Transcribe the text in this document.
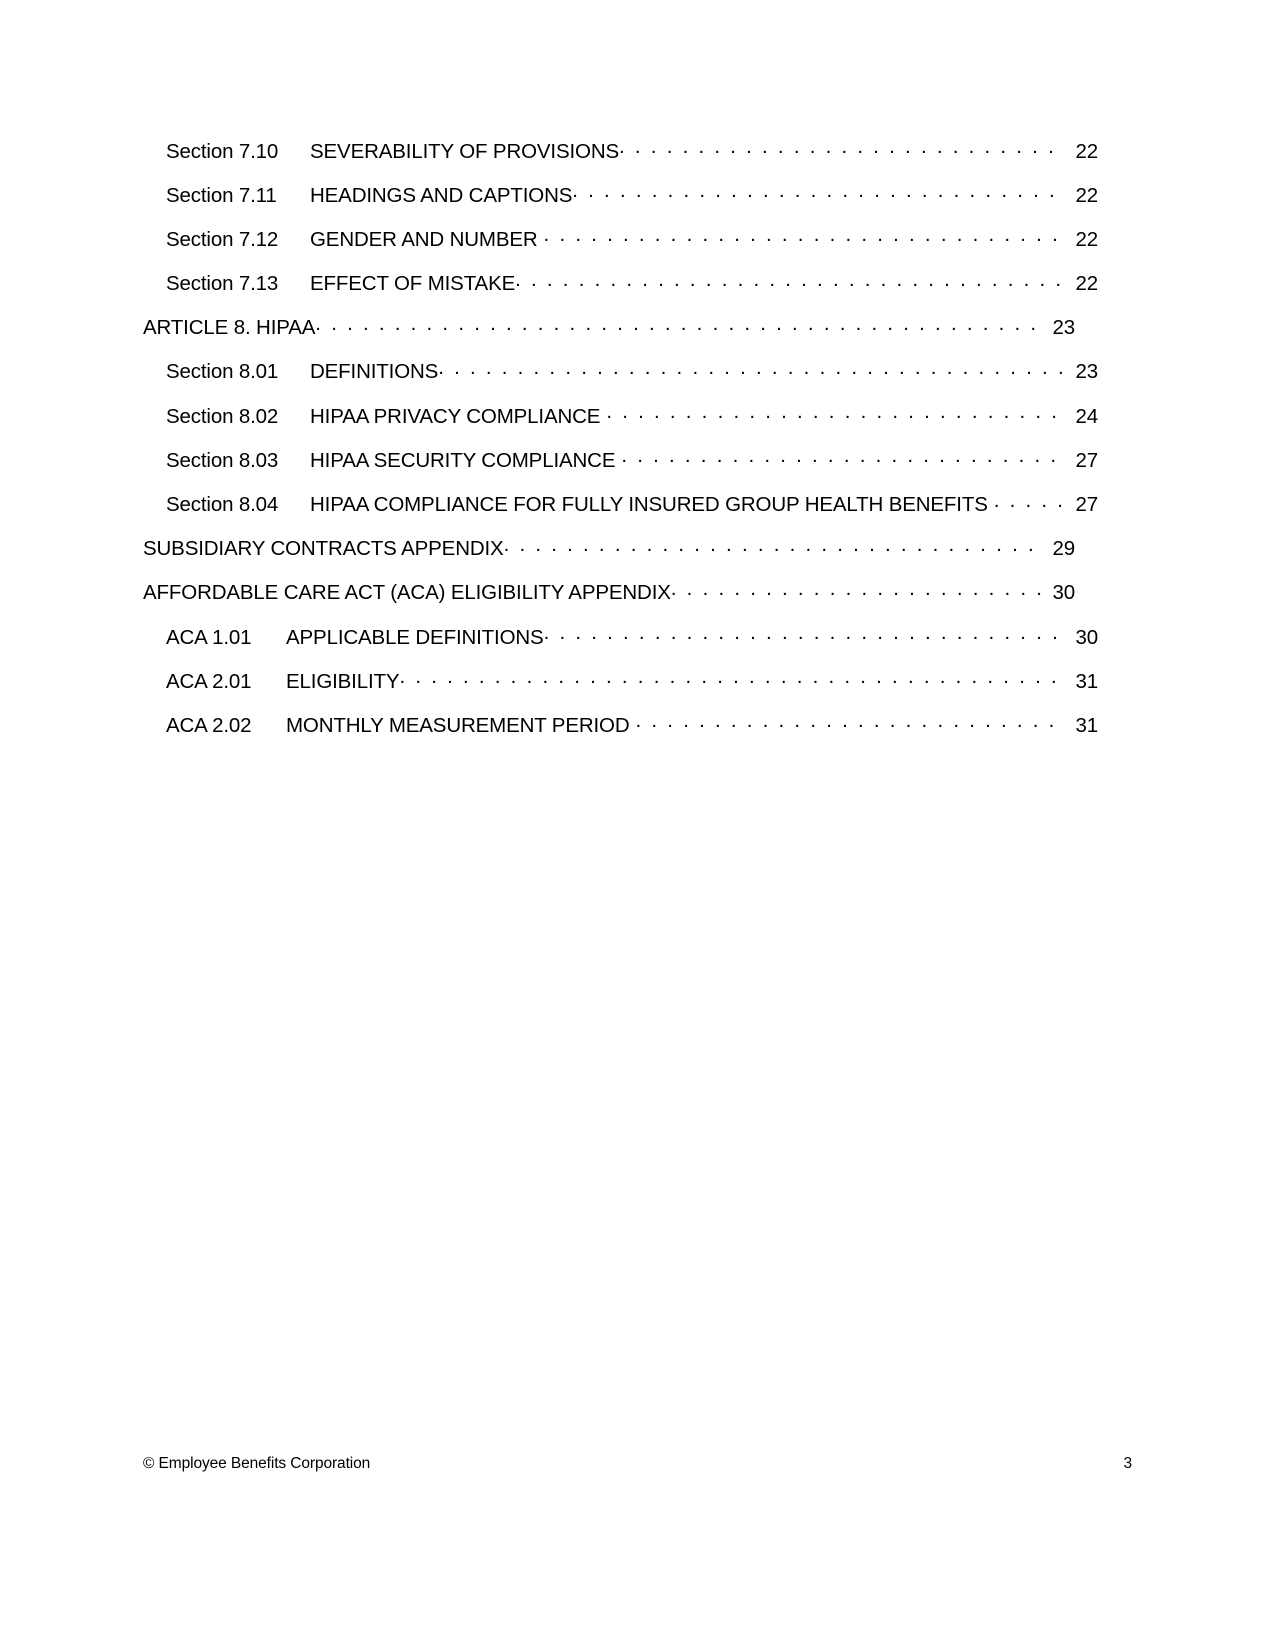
Section 7.10	SEVERABILITY OF PROVISIONS . . .	22
Section 7.11	HEADINGS AND CAPTIONS . . .	22
Section 7.12	GENDER AND NUMBER . . .	22
Section 7.13	EFFECT OF MISTAKE . . .	22
ARTICLE 8. HIPAA . . .	23
Section 8.01	DEFINITIONS . . .	23
Section 8.02	HIPAA PRIVACY COMPLIANCE . . .	24
Section 8.03	HIPAA SECURITY COMPLIANCE . . .	27
Section 8.04	HIPAA COMPLIANCE FOR FULLY INSURED GROUP HEALTH BENEFITS . . .	27
SUBSIDIARY CONTRACTS APPENDIX . . .	29
AFFORDABLE CARE ACT (ACA) ELIGIBILITY APPENDIX . . .	30
ACA 1.01	APPLICABLE DEFINITIONS . . .	30
ACA 2.01	ELIGIBILITY . . .	31
ACA 2.02	MONTHLY MEASUREMENT PERIOD . . .	31
© Employee Benefits Corporation	3
